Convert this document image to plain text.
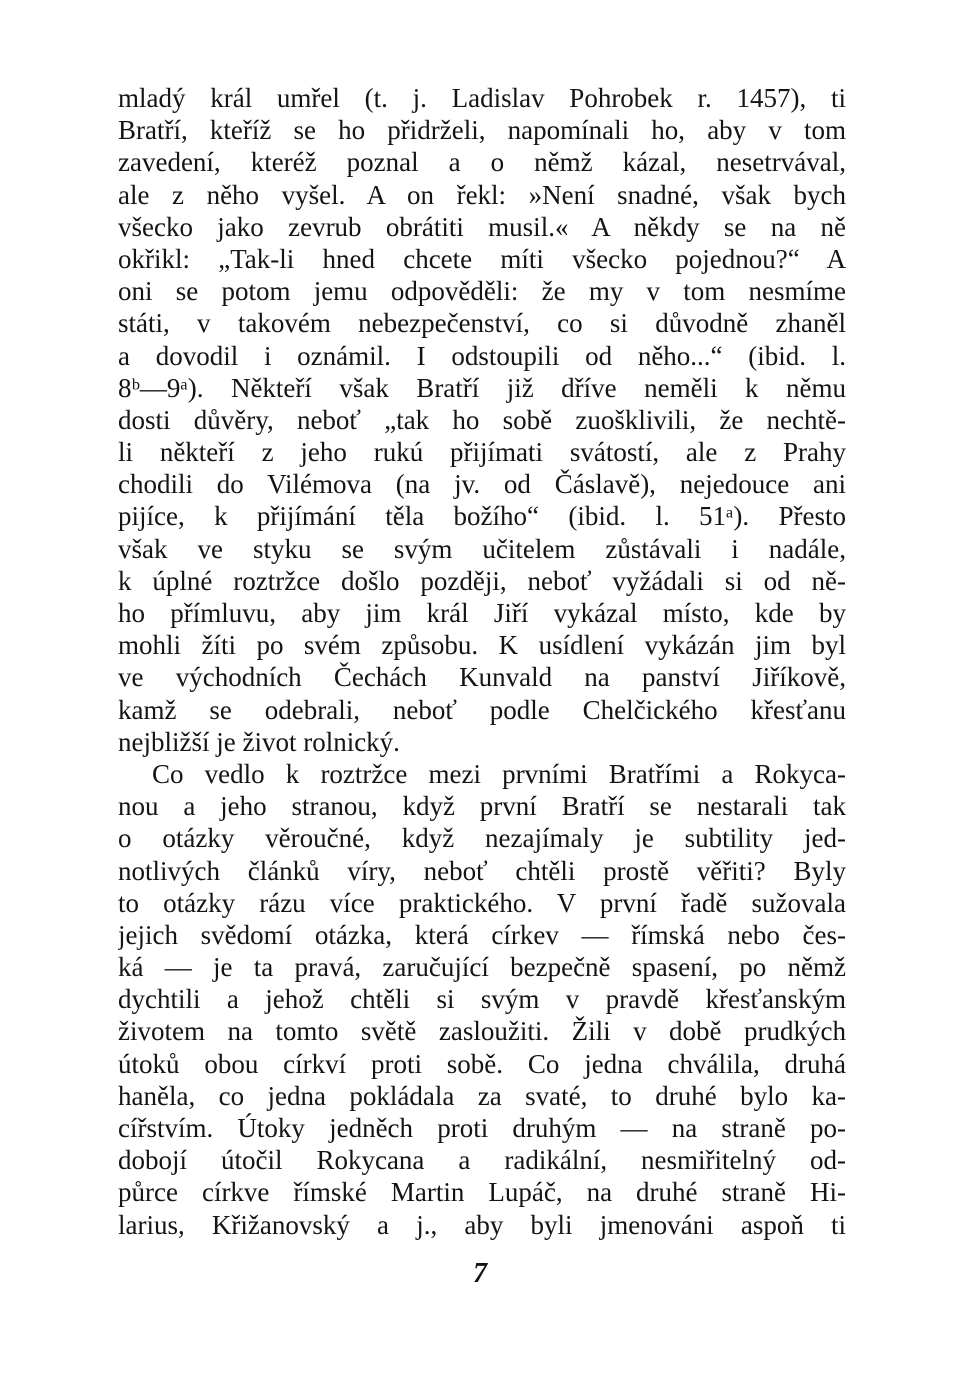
mladý král umřel (t. j. Ladislav Pohrobek r. 1457), ti
Bratří, kteříž se ho přidrželi, napomínali ho, aby v tom
zavedení, kteréž poznal a o němž kázal, nesetrvával,
ale z něho vyšel. A on řekl: »Není snadné, však bych
všecko jako zevrub obrátiti musil.« A někdy se na ně
okřikl: „Tak-li hned chcete míti všecko pojednou?“ A
oni se potom jemu odpověděli: že my v tom nesmíme
státi, v takovém nebezpečenství, co si důvodně zhaněl
a dovodil i oznámil. I odstoupili od něho...“ (ibid. l.
8ᵇ—9ᵃ). Někteří však Bratří již dříve neměli k němu
dosti důvěry, neboť „tak ho sobě zuošklivili, že nechtě-
li někteří z jeho rukú přijímati svátostí, ale z Prahy
chodili do Vilémova (na jv. od Čáslavě), nejedouce ani
pijíce, k přijímání těla božího“ (ibid. l. 51ᵃ). Přesto
však ve styku se svým učitelem zůstávali i nadále,
k úplné roztržce došlo později, neboť vyžádali si od ně-
ho přímluvu, aby jim král Jiří vykázal místo, kde by
mohli žíti po svém způsobu. K usídlení vykázán jim byl
ve východních Čechách Kunvald na panství Jiříkově,
kamž se odebrali, neboť podle Chelčického křesťanu
nejbližší je život rolnický.
Co vedlo k roztržce mezi prvními Bratřími a Rokyca-
nou a jeho stranou, když první Bratří se nestarali tak
o otázky věroučné, když nezajímaly je subtility jed-
notlivých článků víry, neboť chtěli prostě věřiti? Byly
to otázky rázu více praktického. V první řadě sužovala
jejich svědomí otázka, která církev — římská nebo čes-
ká — je ta pravá, zaručující bezpečně spasení, po němž
dychtili a jehož chtěli si svým v pravdě křesťanským
životem na tomto světě zasloužiti. Žili v době prudkých
útoků obou církví proti sobě. Co jedna chválila, druhá
haněla, co jedna pokládala za svaté, to druhé bylo ka-
cířstvím. Útoky jedněch proti druhým — na straně po-
dobojí útočil Rokycana a radikální, nesmiřitelný od-
půrce církve římské Martin Lupáč, na druhé straně Hi-
larius, Křižanovský a j., aby byli jmenováni aspoň ti
7
